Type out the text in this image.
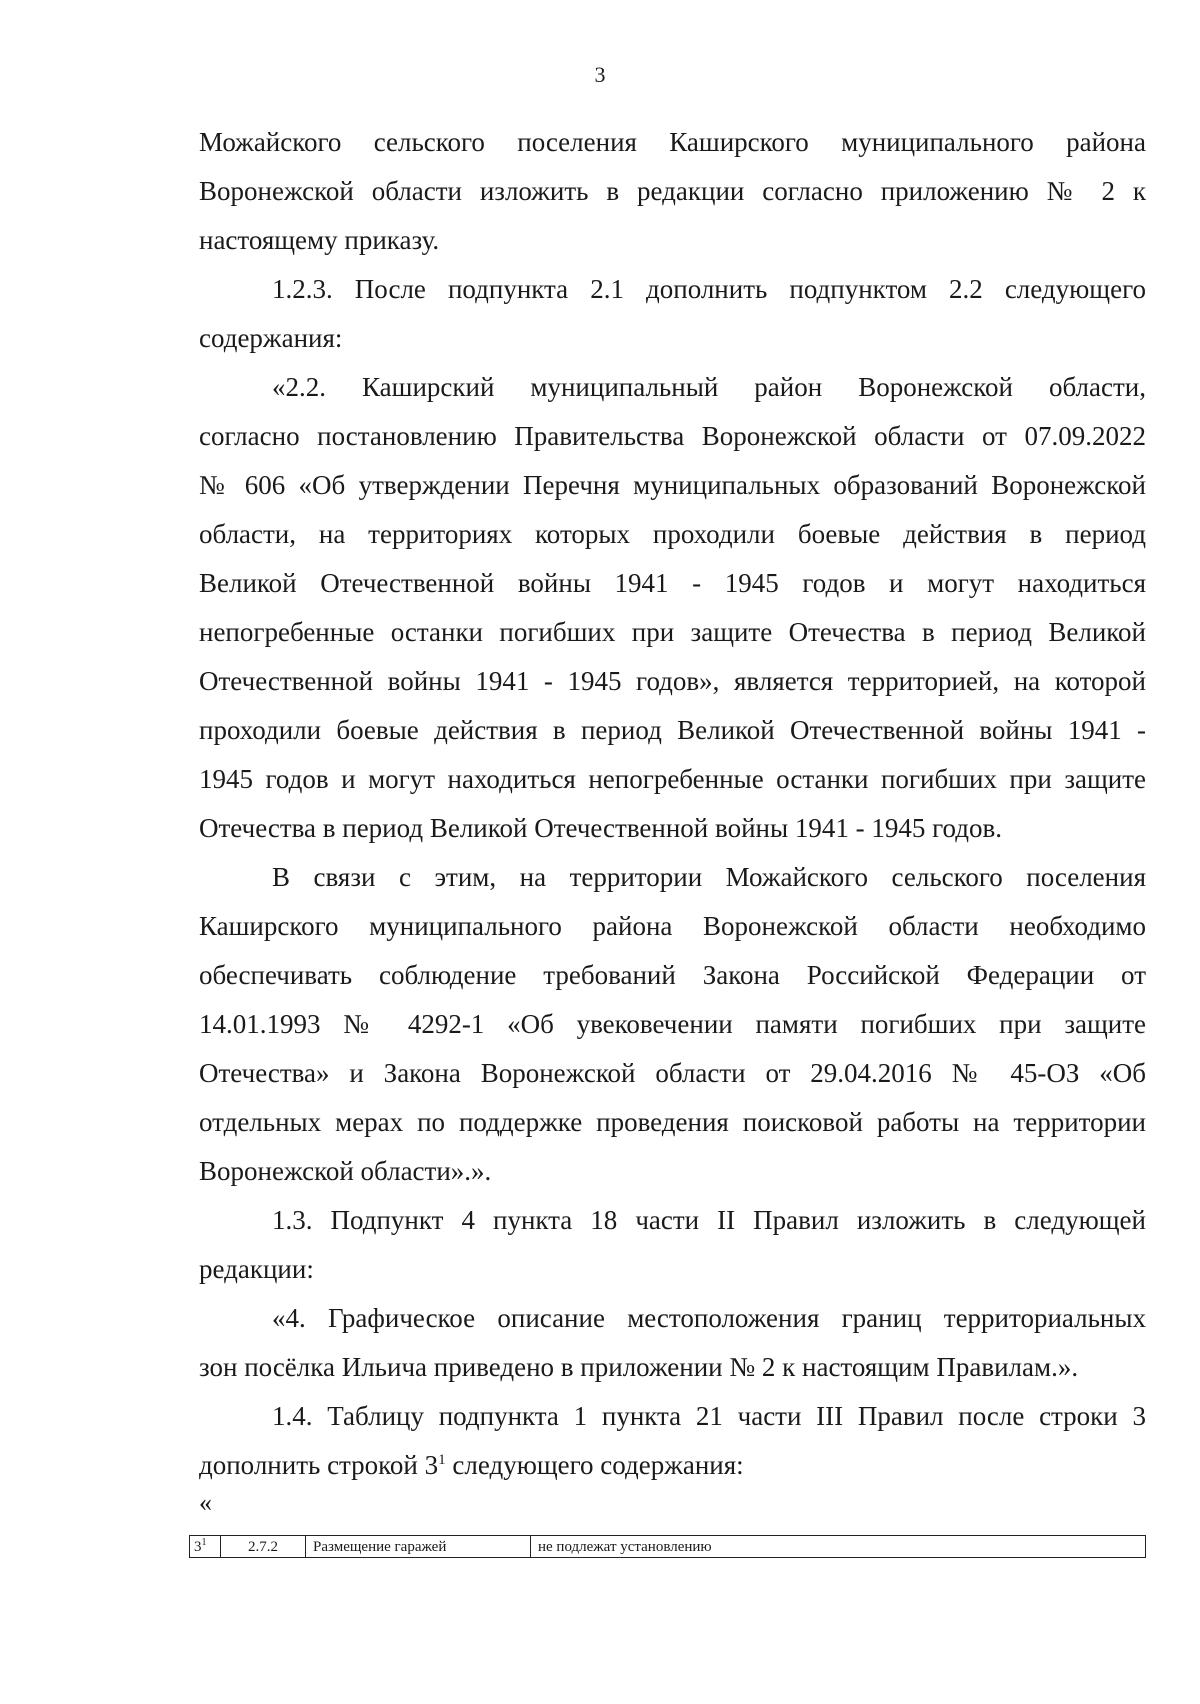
3

Можайского сельского поселения Каширского муниципального района

Воронежской области изложить в редакции согласно приложению № 2 к

настоящему приказу.

1.2.3. После подпункта 2.1 дополнить подпунктом 2.2 следующего

содержания:

«2.2. Каширский муниципальный район Воронежской области,

согласно постановлению Правительства Воронежской области от 07.09.2022

№ 606 «Об утверждении Перечня муниципальных образований Воронежской

области, на территориях которых проходили боевые действия в период

Великой Отечественной войны 1941 - 1945 годов и могут находиться

непогребенные останки погибших при защите Отечества в период Великой

Отечественной войны 1941 - 1945 годов», является территорией, на которой

проходили боевые действия в период Великой Отечественной войны 1941 -

1945 годов и могут находиться непогребенные останки погибших при защите

Отечества в период Великой Отечественной войны 1941 - 1945 годов.

В связи с этим, на территории Можайского сельского поселения

Каширского муниципального района Воронежской области необходимо

обеспечивать соблюдение требований Закона Российской Федерации от

14.01.1993 № 4292-1 «Об увековечении памяти погибших при защите

Отечества» и Закона Воронежской области от 29.04.2016 № 45-ОЗ «Об

отдельных мерах по поддержке проведения поисковой работы на территории

Воронежской области».».

1.3. Подпункт 4 пункта 18 части II Правил изложить в следующей

редакции:

«4. Графическое описание местоположения границ территориальных

зон посёлка Ильича приведено в приложении № 2 к настоящим Правилам.».

1.4. Таблицу подпункта 1 пункта 21 части III Правил после строки 3

дополнить строкой $3^1$ следующего содержания:

«
$3^1$	2.7.2	Размещение гаражей	не подлежат установлению
